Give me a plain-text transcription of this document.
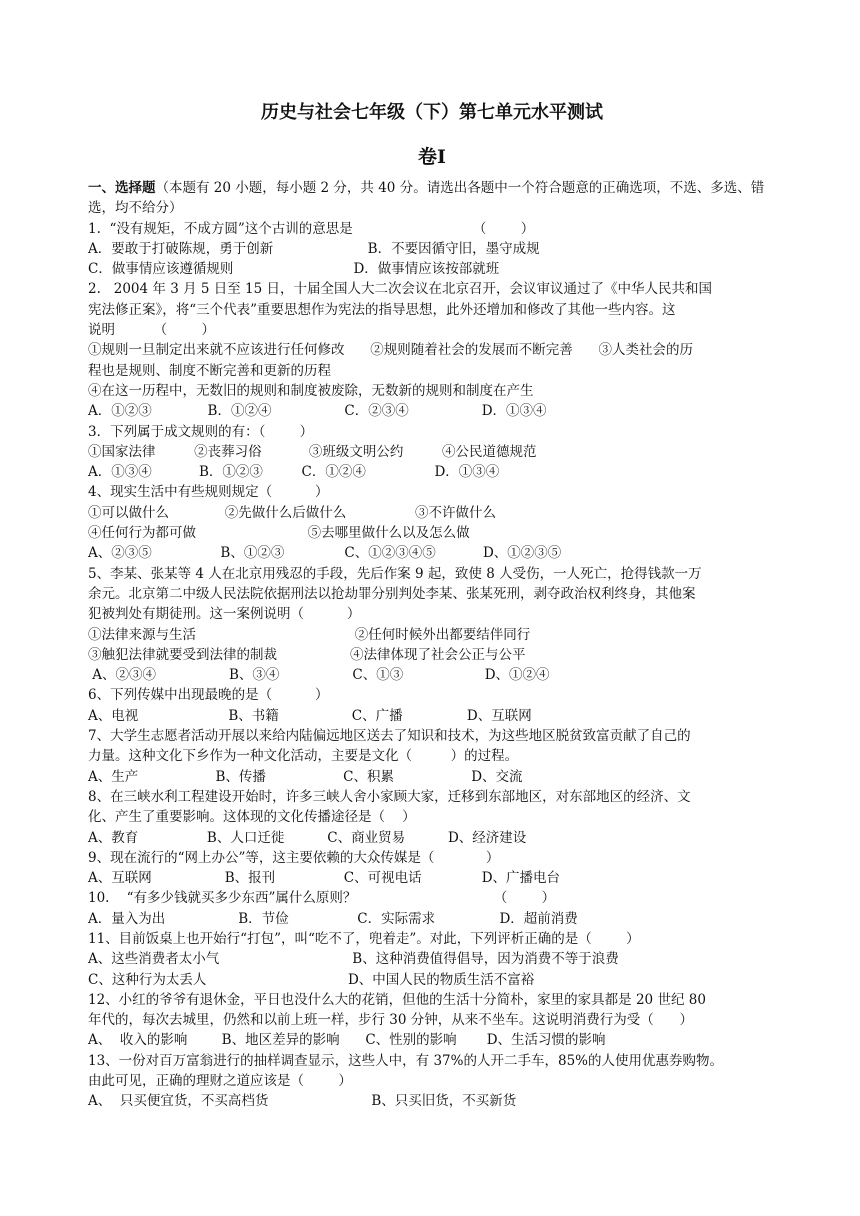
历史与社会七年级（下）第七单元水平测试
卷Ⅰ

一、选择题（本题有 20 小题，每小题 2 分，共 40 分。请选出各题中一个符合题意的正确选项，不选、多选、错选，均不给分）

1.  “没有规矩，不成方圆”这个古训的意思是                            （        ）

A．要敢于打破陈规，勇于创新                      B．不要因循守旧，墨守成规

C．做事情应该遵循规则                            D．做事情应该按部就班

2.   2004 年 3 月 5 日至 15 日，十届全国人大二次会议在北京召开，会议审议通过了《中华人民共和国

宪法修正案》，将“三个代表”重要思想作为宪法的指导思想，此外还增加和修改了其他一些内容。这

说明         （        ）

①规则一旦制定出来就不应该进行任何修改      ②规则随着社会的发展而不断完善      ③人类社会的历

程也是规则、制度不断完善和更新的历程

④在这一历程中，无数旧的规则和制度被废除，无数新的规则和制度在产生

A．①②③             B．①②④                 C．②③④                 D．①③④

3．下列属于成文规则的有：（        ）

①国家法律         ②丧葬习俗           ③班级文明公约         ④公民道德规范

A．①③④           B．①②③         C．①②④                D．①③④

4、现实生活中有些规则规定（          ）

①可以做什么             ②先做什么后做什么                ③不许做什么

④任何行为都可做                          ⑤去哪里做什么以及怎么做

A、②③⑤                B、①②③              C、①②③④⑤           D、①②③⑤

5、李某、张某等 4 人在北京用残忍的手段，先后作案 9 起，致使 8 人受伤，一人死亡，抢得钱款一万

余元。北京第二中级人民法院依据刑法以抢劫罪分别判处李某、张某死刑，剥夺政治权利终身，其他案

犯被判处有期徒刑。这一案例说明（          ）

①法律来源与生活                                     ②任何时候外出都要结伴同行

③触犯法律就要受到法律的制裁                 ④法律体现了社会公正与公平

A、②③④                 B、③④                 C、①③                   D、①②④

6、下列传媒中出现最晚的是（          ）

A、电视                     B、书籍                 C、广播               D、互联网

7、大学生志愿者活动开展以来给内陆偏远地区送去了知识和技术，为这些地区脱贫致富贡献了自己的

力量。这种文化下乡作为一种文化活动，主要是文化（         ）的过程。

A、生产                  B、传播                  C、积累                  D、交流

8、在三峡水利工程建设开始时，许多三峡人舍小家顾大家，迁移到东部地区，对东部地区的经济、文

化、产生了重要影响。这体现的文化传播途径是（    ）

A、教育                B、人口迁徙          C、商业贸易          D、经济建设

9、现在流行的“网上办公”等，这主要依赖的大众传媒是（            ）

A、互联网                 B、报刊                C、可视电话              D、广播电台

10.    “有多少钱就买多少东西”属什么原则？                                （        ）

A．量入为出                 B．节俭                C．实际需求               D．超前消费

11、目前饭桌上也开始行“打包”，叫“吃不了，兜着走”。对此，下列评析正确的是（        ）

A、这些消费者太小气                               B、这种消费值得倡导，因为消费不等于浪费

C、这种行为太丢人                                 D、中国人民的物质生活不富裕

12、小红的爷爷有退休金，平日也没什么大的花销，但他的生活十分简朴，家里的家具都是 20 世纪 80

年代的，每次去城里，仍然和以前上班一样，步行 30 分钟，从来不坐车。这说明消费行为受（      ）

A、  收入的影响        B、地区差异的影响      C、性别的影响       D、生活习惯的影响

13、一份对百万富翁进行的抽样调查显示，这些人中，有 37%的人开二手车，85%的人使用优惠券购物。

由此可见，正确的理财之道应该是（        ）

A、  只买便宜货，不买高档货                        B、只买旧货，不买新货
